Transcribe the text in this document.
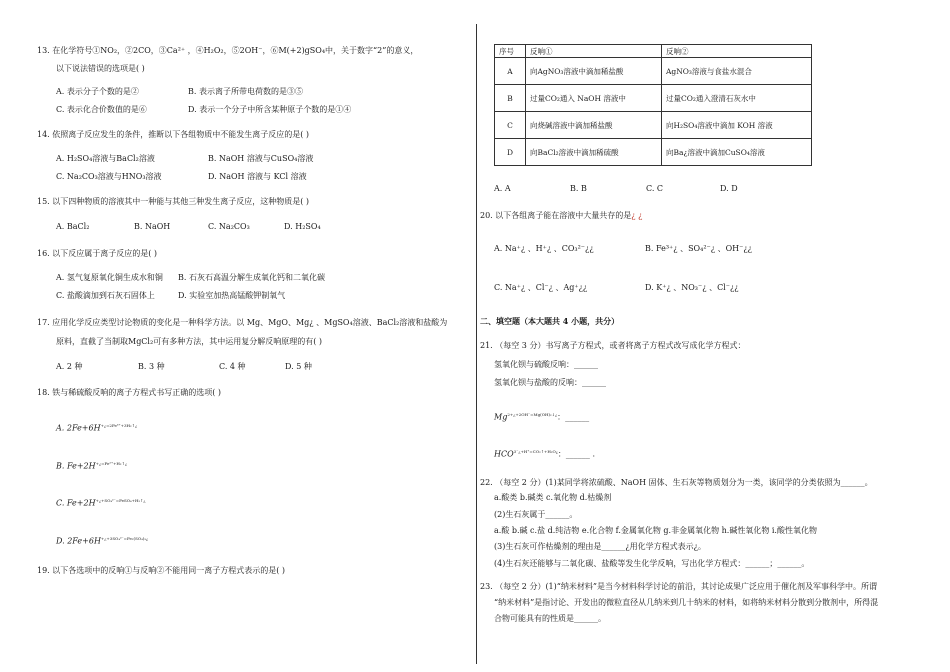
13. 在化学符号①NO₂，②2CO，③Ca²⁺ ，④H₂O₂，⑤2OH⁻，⑥M(+2)gSO₄中，关于数字“2”的意义，
以下说法错误的选项是( )
A. 表示分子个数的是②	B. 表示离子所带电荷数的是③⑤
C. 表示化合价数值的是⑥	D. 表示一个分子中所含某种原子个数的是①④
14. 依照离子反应发生的条件，推断以下各组物质中不能发生离子反应的是( )
A. H₂SO₄溶液与BaCl₂溶液	B. NaOH 溶液与CuSO₄溶液
C. Na₂CO₃溶液与HNO₃溶液	D. NaOH 溶液与 KCl 溶液
15. 以下四种物质的溶液其中一种能与其他三种发生离子反应，这种物质是( )
A. BaCl₂	B. NaOH	C. Na₂CO₃	D. H₂SO₄
16. 以下反应属于离子反应的是( )
A. 氢气复原氧化铜生成水和铜 B. 石灰石高温分解生成氧化钙和二氧化碳
C. 盐酸滴加到石灰石固体上	D. 实验室加热高锰酸钾制氧气
17. 应用化学反应类型讨论物质的变化是一种科学方法。以 Mg、MgO、Mg¿ 、MgSO₄溶液、BaCl₂溶液和盐酸为
原料，直截了当制取MgCl₂可有多种方法，其中运用复分解反响原理的有( )
A. 2 种	B. 3 种	C. 4 种	D. 5 种
18. 铁与稀硫酸反响的离子方程式书写正确的选项( )
A. $2Fe+6H^{+¿=2Fe^{3+}+3H_2↑¿}$
B. $Fe+2H^{+¿=Fe^{2+}+H_2↑¿}$
C. $Fe+2H^{+¿+SO_4^{2-}=FeSO_4+H_2↑¿}$
D. $2Fe+6H^{+¿+3SO_4^{2-}=Fe_2(SO_4)_3¿}$
19. 以下各选项中的反响①与反响②不能用同一离子方程式表示的是( )
序号	反响①	反响②
A	向AgNO₃溶液中滴加稀盐酸	AgNO₃溶液与食盐水混合
B	过量CO₂通入 NaOH 溶液中	过量CO₂通入澄清石灰水中
C	向烧碱溶液中滴加稀盐酸	向H₂SO₄溶液中滴加 KOH 溶液
D	向BaCl₂溶液中滴加稀硫酸	向Ba¿溶液中滴加CuSO₄溶液
A. A	B. B	C. C	D. D
20. 以下各组离子能在溶液中大量共存的是¿ ¿
A. Na⁺¿ 、H⁺¿ 、CO₃²⁻¿¿	B. Fe³⁺¿ 、SO₄²⁻¿ 、OH⁻¿¿
C. Na⁺¿ 、Cl⁻¿ 、Ag⁺¿¿	D. K⁺¿ 、NO₃⁻¿ 、Cl⁻¿¿
二、填空题（本大题共 4 小题，共分）
21. （每空 3 分）书写离子方程式，或者将离子方程式改写成化学方程式：
氢氧化钡与硫酸反响：______
氢氧化钡与盐酸的反响：______
$Mg^{2+¿+2OH^-=Mg(OH)_2↓¿}$：______
$HCO^{3^-¿+H^+=CO_2↑+H_2O¿}$：______ .
22. （每空 2 分）(1)某同学将浓硫酸、NaOH 固体、生石灰等物质划分为一类，该同学的分类依照为______。
a.酸类 b.碱类 c.氧化物 d.枯燥剂
(2)生石灰属于______。
a.酸 b.碱 c.盐 d.纯洁物 e.化合物 f.金属氧化物 g.非金属氧化物 h.碱性氧化物 i.酸性氧化物
(3)生石灰可作枯燥剂的理由是______¿用化学方程式表示¿。
(4)生石灰还能够与二氧化碳、盐酸等发生化学反响，写出化学方程式：______；______。
23. （每空 2 分）(1)“纳米材料”是当今材料科学讨论的前沿，其讨论成果广泛应用于催化剂及军事科学中。所谓
“纳米材料”是指讨论、开发出的微粒直径从几纳米到几十纳米的材料，如将纳米材料分散到分散剂中，所得混
合物可能具有的性质是______。
